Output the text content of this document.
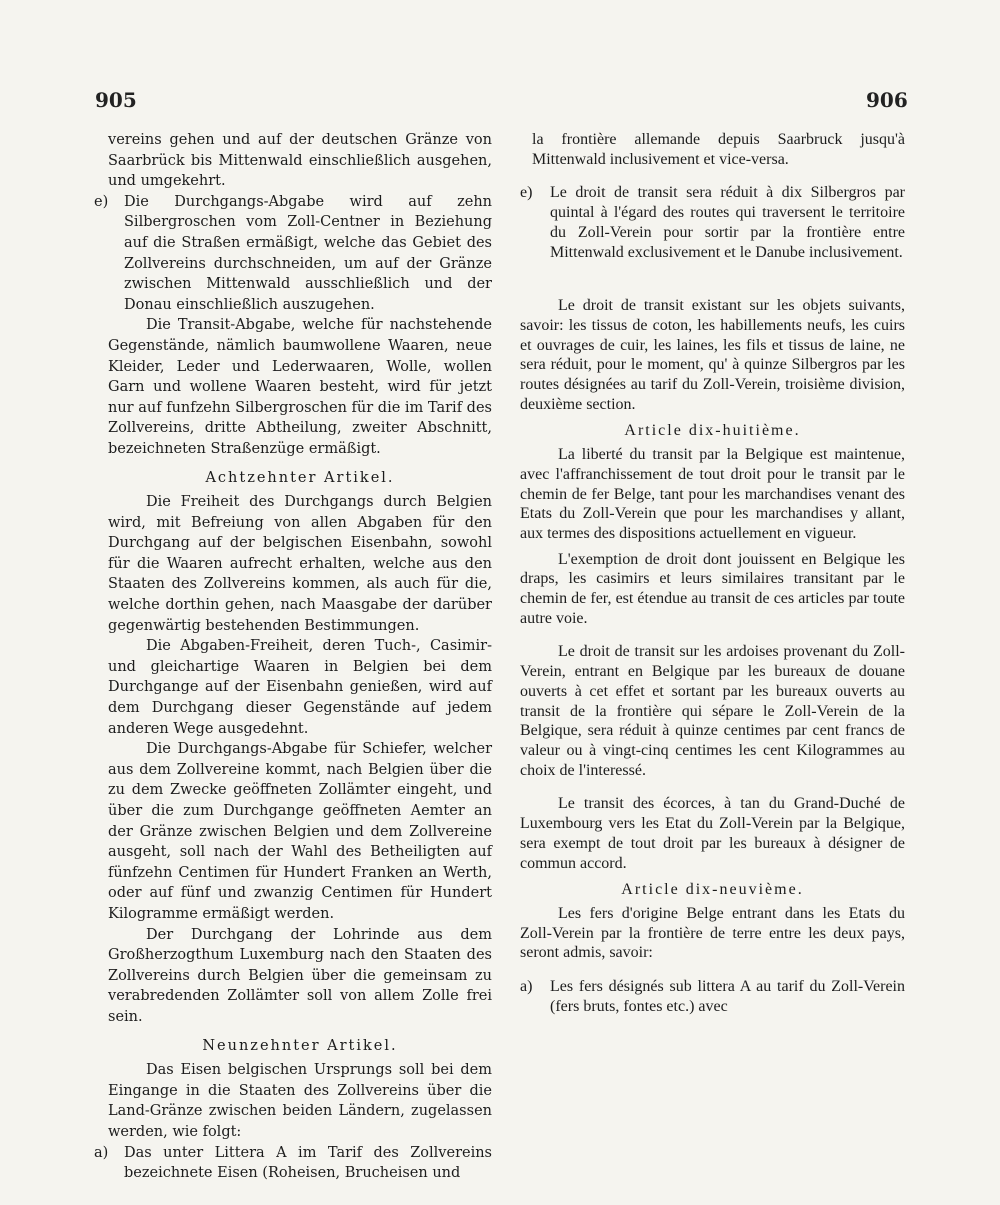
905	906

vereins gehen und auf der deutschen Gränze von Saarbrück bis Mittenwald einschließlich ausgehen, und umgekehrt.

e)	Die Durchgangs-Abgabe wird auf zehn Silbergroschen vom Zoll-Centner in Beziehung auf die Straßen ermäßigt, welche das Gebiet des Zollvereins durchschneiden, um auf der Gränze zwischen Mittenwald ausschließlich und der Donau einschließlich auszugehen.

Die Transit-Abgabe, welche für nachstehende Gegenstände, nämlich baumwollene Waaren, neue Kleider, Leder und Lederwaaren, Wolle, wollen Garn und wollene Waaren besteht, wird für jetzt nur auf funfzehn Silbergroschen für die im Tarif des Zollvereins, dritte Abtheilung, zweiter Abschnitt, bezeichneten Straßenzüge ermäßigt.

Achtzehnter Artikel.

Die Freiheit des Durchgangs durch Belgien wird, mit Befreiung von allen Abgaben für den Durchgang auf der belgischen Eisenbahn, sowohl für die Waaren aufrecht erhalten, welche aus den Staaten des Zollvereins kommen, als auch für die, welche dorthin gehen, nach Maasgabe der darüber gegenwärtig bestehenden Bestimmungen.

Die Abgaben-Freiheit, deren Tuch-, Casimir- und gleichartige Waaren in Belgien bei dem Durchgange auf der Eisenbahn genießen, wird auf dem Durchgang dieser Gegenstände auf jedem anderen Wege ausgedehnt.

Die Durchgangs-Abgabe für Schiefer, welcher aus dem Zollvereine kommt, nach Belgien über die zu dem Zwecke geöffneten Zollämter eingeht, und über die zum Durchgange geöffneten Aemter an der Gränze zwischen Belgien und dem Zollvereine ausgeht, soll nach der Wahl des Betheiligten auf fünfzehn Centimen für Hundert Franken an Werth, oder auf fünf und zwanzig Centimen für Hundert Kilogramme ermäßigt werden.

Der Durchgang der Lohrinde aus dem Großherzogthum Luxemburg nach den Staaten des Zollvereins durch Belgien über die gemeinsam zu verabredenden Zollämter soll von allem Zolle frei sein.

Neunzehnter Artikel.

Das Eisen belgischen Ursprungs soll bei dem Eingange in die Staaten des Zollvereins über die Land-Gränze zwischen beiden Ländern, zugelassen werden, wie folgt:

a)	Das unter Littera A im Tarif des Zollvereins bezeichnete Eisen (Roheisen, Brucheisen und

la frontière allemande depuis Saarbruck jusqu'à Mittenwald inclusivement et vice-versa.

e)	Le droit de transit sera réduit à dix Silbergros par quintal à l'égard des routes qui traversent le territoire du Zoll-Verein pour sortir par la frontière entre Mittenwald exclusivement et le Danube inclusivement.

Le droit de transit existant sur les objets suivants, savoir: les tissus de coton, les habillements neufs, les cuirs et ouvrages de cuir, les laines, les fils et tissus de laine, ne sera réduit, pour le moment, qu' à quinze Silbergros par les routes désignées au tarif du Zoll-Verein, troisième division, deuxième section.

Article dix-huitième.

La liberté du transit par la Belgique est maintenue, avec l'affranchissement de tout droit pour le transit par le chemin de fer Belge, tant pour les marchandises venant des Etats du Zoll-Verein que pour les marchandises y allant, aux termes des dispositions actuellement en vigueur.

L'exemption de droit dont jouissent en Belgique les draps, les casimirs et leurs similaires transitant par le chemin de fer, est étendue au transit de ces articles par toute autre voie.

Le droit de transit sur les ardoises provenant du Zoll-Verein, entrant en Belgique par les bureaux de douane ouverts à cet effet et sortant par les bureaux ouverts au transit de la frontière qui sépare le Zoll-Verein de la Belgique, sera réduit à quinze centimes par cent francs de valeur ou à vingt-cinq centimes les cent Kilogrammes au choix de l'interessé.

Le transit des écorces, à tan du Grand-Duché de Luxembourg vers les Etat du Zoll-Verein par la Belgique, sera exempt de tout droit par les bureaux à désigner de commun accord.

Article dix-neuvième.

Les fers d'origine Belge entrant dans les Etats du Zoll-Verein par la frontière de terre entre les deux pays, seront admis, savoir:

a)	Les fers désignés sub littera A au tarif du Zoll-Verein (fers bruts, fontes etc.) avec
